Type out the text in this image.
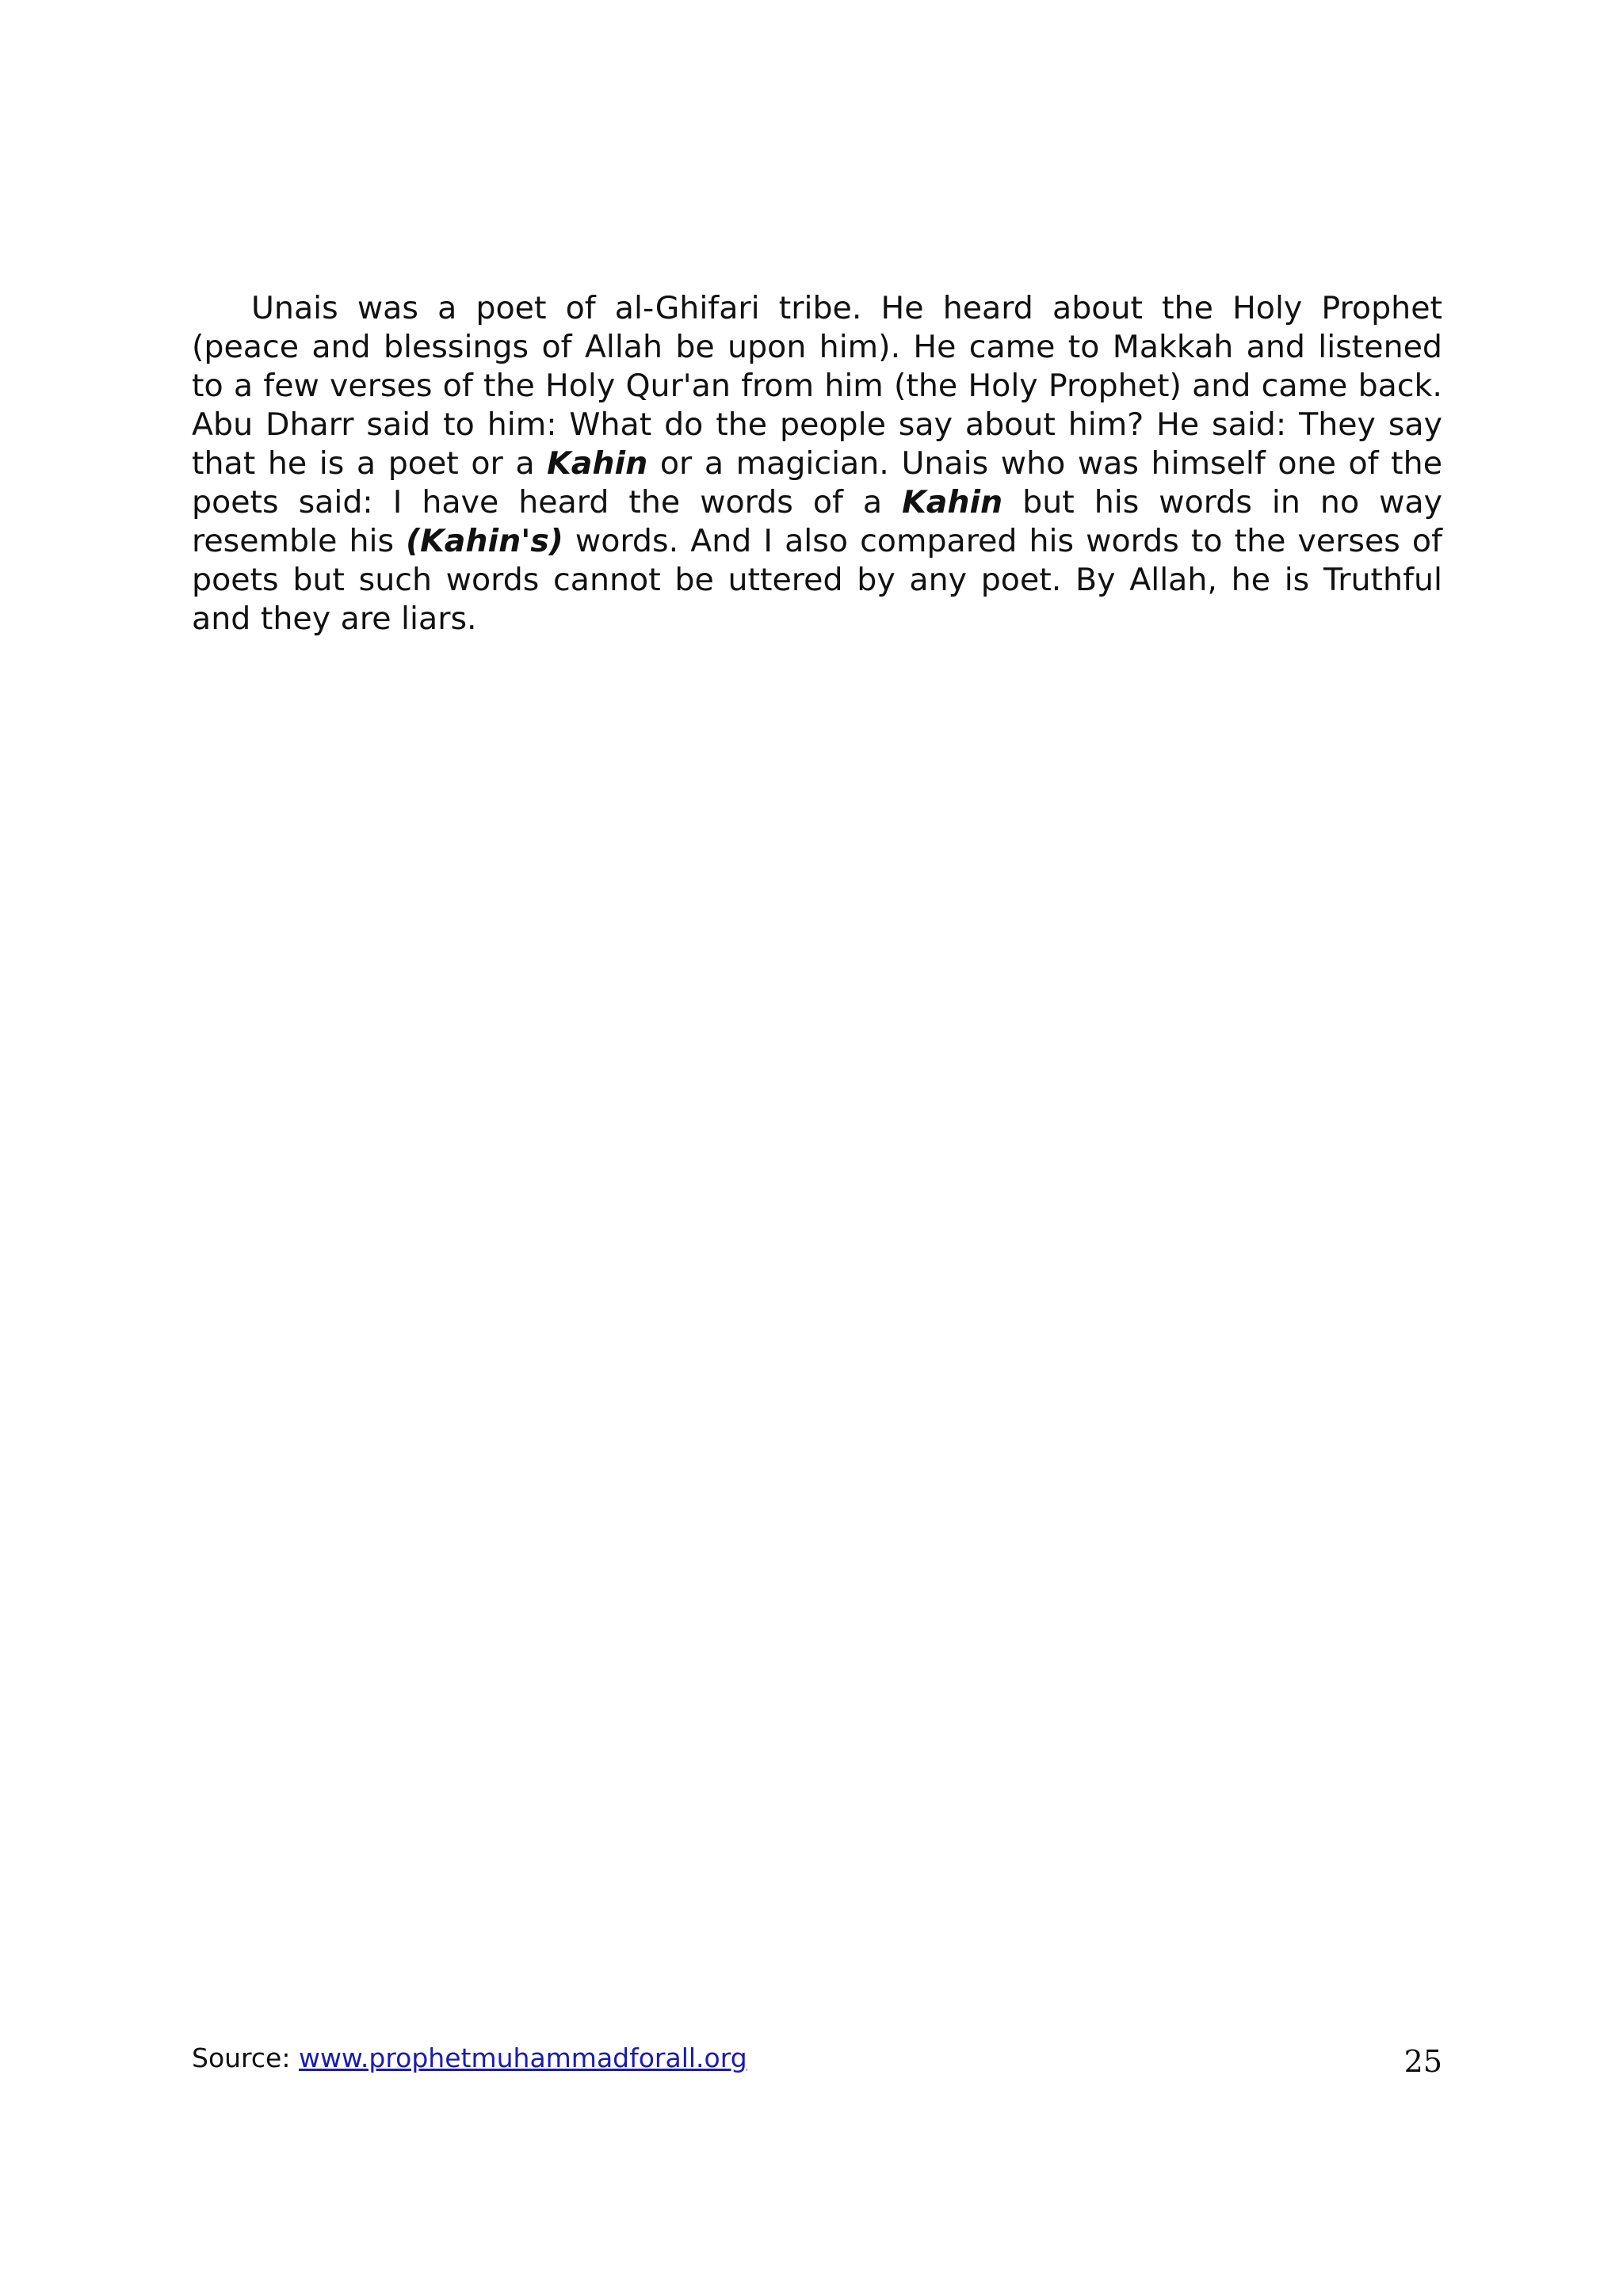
Unais was a poet of al-Ghifari tribe. He heard about the Holy Prophet (peace and blessings of Allah be upon him). He came to Makkah and listened to a few verses of the Holy Qur'an from him (the Holy Prophet) and came back. Abu Dharr said to him: What do the people say about him? He said: They say that he is a poet or a Kahin or a magician. Unais who was himself one of the poets said: I have heard the words of a Kahin but his words in no way resemble his (Kahin's) words. And I also compared his words to the verses of poets but such words cannot be uttered by any poet. By Allah, he is Truthful and they are liars.

Source: www.prophetmuhammadforall.org	25
